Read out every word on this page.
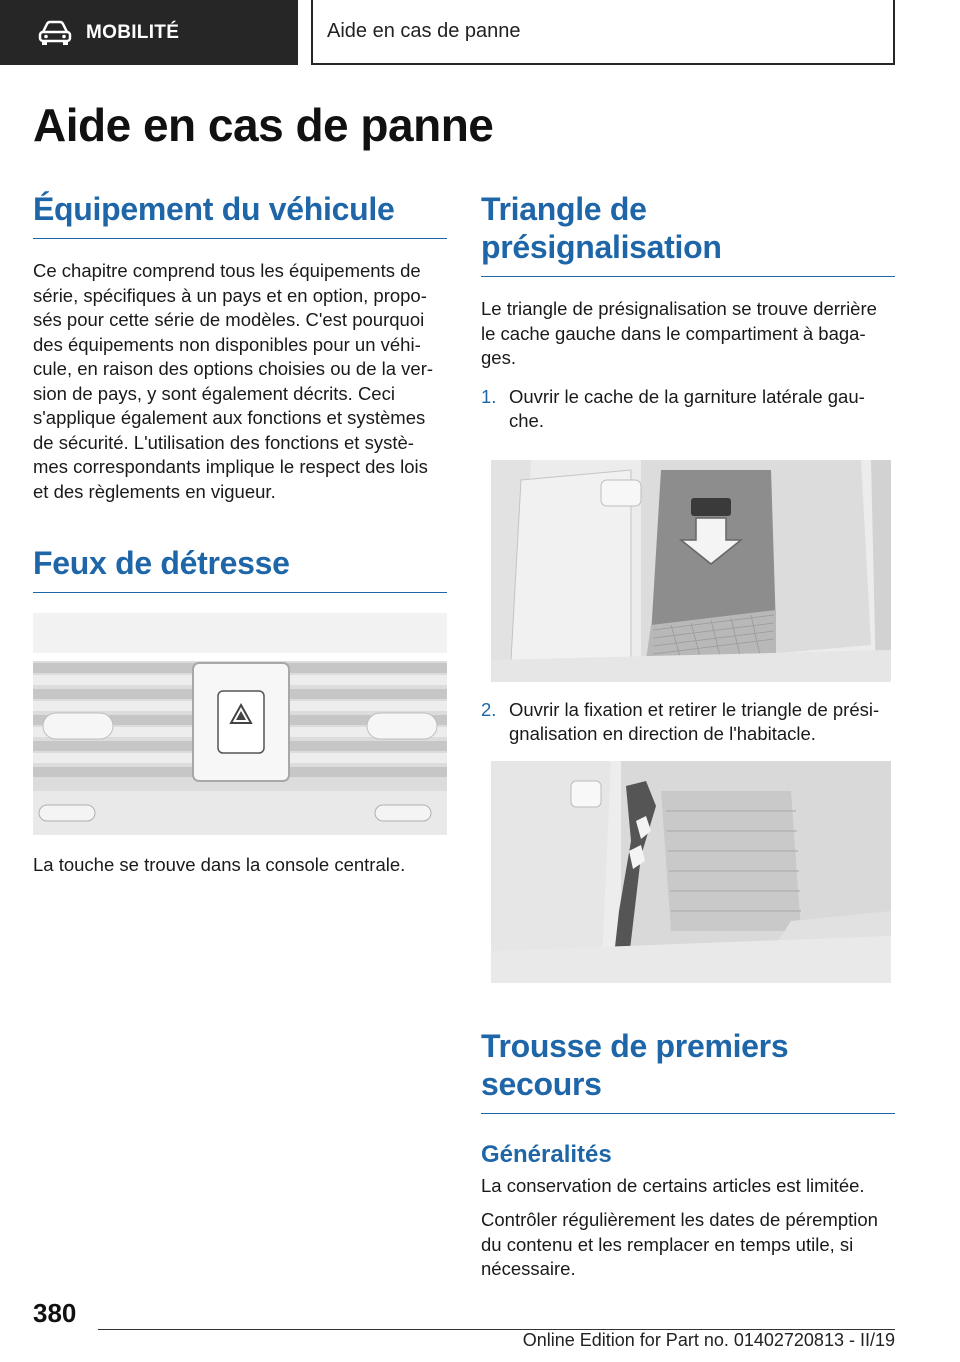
MOBILITÉ	Aide en cas de panne
Aide en cas de panne
Équipement du véhicule

Ce chapitre comprend tous les équipements de
série, spécifiques à un pays et en option, propo-
sés pour cette série de modèles. C'est pourquoi
des équipements non disponibles pour un véhi-
cule, en raison des options choisies ou de la ver-
sion de pays, y sont également décrits. Ceci
s'applique également aux fonctions et systèmes
de sécurité. L'utilisation des fonctions et systè-
mes correspondants implique le respect des lois
et des règlements en vigueur.

Feux de détresse

La touche se trouve dans la console centrale.

Triangle de
présignalisation

Le triangle de présignalisation se trouve derrière
le cache gauche dans le compartiment à baga-
ges.

1. Ouvrir le cache de la garniture latérale gau-
che.
2. Ouvrir la fixation et retirer le triangle de prési-
gnalisation en direction de l'habitacle.
Trousse de premiers
secours
Généralités

La conservation de certains articles est limitée.

Contrôler régulièrement les dates de péremption
du contenu et les remplacer en temps utile, si
nécessaire.

380
Online Edition for Part no. 01402720813 - II/19
